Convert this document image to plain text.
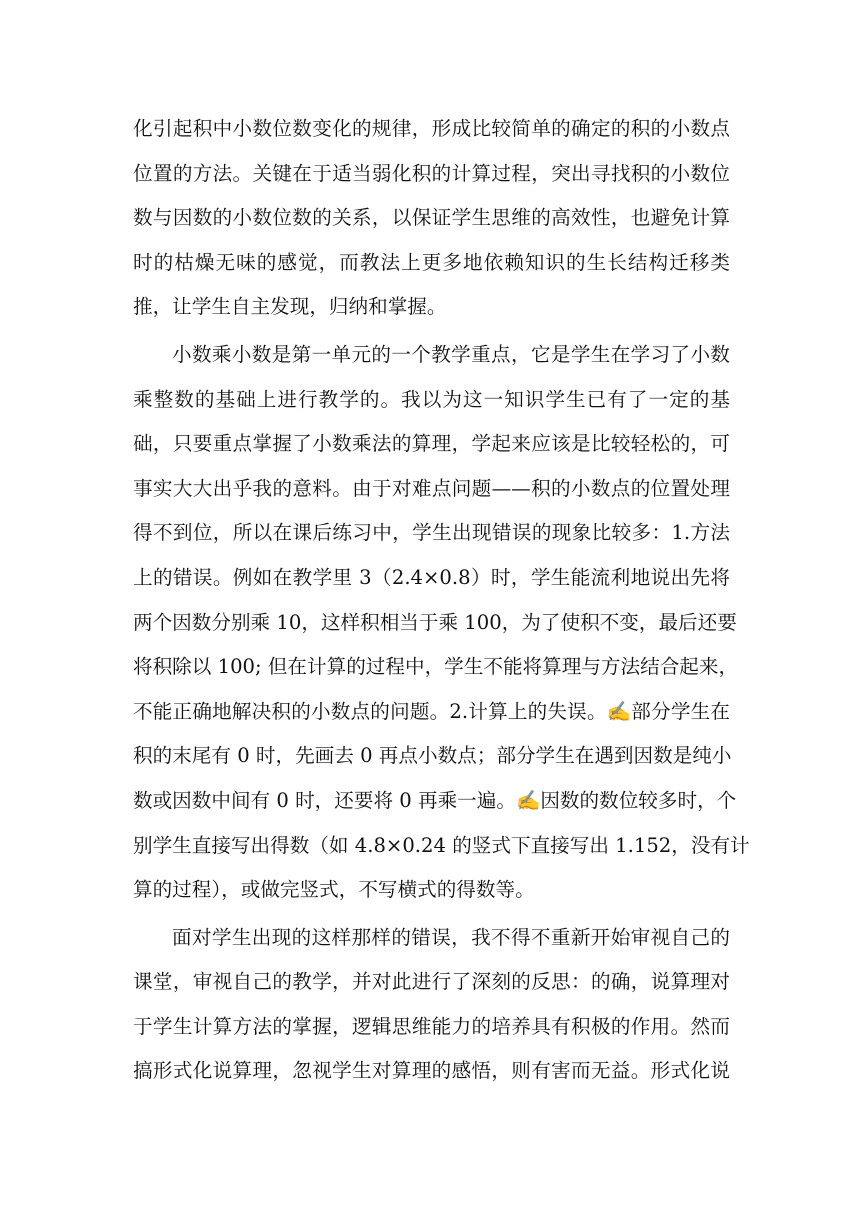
化引起积中小数位数变化的规律，形成比较简单的确定的积的小数点
位置的方法。关键在于适当弱化积的计算过程，突出寻找积的小数位
数与因数的小数位数的关系，以保证学生思维的高效性，也避免计算
时的枯燥无味的感觉，而教法上更多地依赖知识的生长结构迁移类
推，让学生自主发现，归纳和掌握。
小数乘小数是第一单元的一个教学重点，它是学生在学习了小数
乘整数的基础上进行教学的。我以为这一知识学生已有了一定的基
础，只要重点掌握了小数乘法的算理，学起来应该是比较轻松的，可
事实大大出乎我的意料。由于对难点问题——积的小数点的位置处理
得不到位，所以在课后练习中，学生出现错误的现象比较多：1.方法
上的错误。例如在教学里 3（2.4×0.8）时，学生能流利地说出先将
两个因数分别乘 10，这样积相当于乘 100，为了使积不变，最后还要
将积除以 100; 但在计算的过程中，学生不能将算理与方法结合起来，
不能正确地解决积的小数点的问题。2.计算上的失误。✍部分学生在
积的末尾有 0 时，先画去 0 再点小数点；部分学生在遇到因数是纯小
数或因数中间有 0 时，还要将 0 再乘一遍。✍因数的数位较多时，个
别学生直接写出得数（如 4.8×0.24 的竖式下直接写出 1.152，没有计
算的过程），或做完竖式，不写横式的得数等。
面对学生出现的这样那样的错误，我不得不重新开始审视自己的
课堂，审视自己的教学，并对此进行了深刻的反思：的确，说算理对
于学生计算方法的掌握，逻辑思维能力的培养具有积极的作用。然而
搞形式化说算理，忽视学生对算理的感悟，则有害而无益。形式化说
